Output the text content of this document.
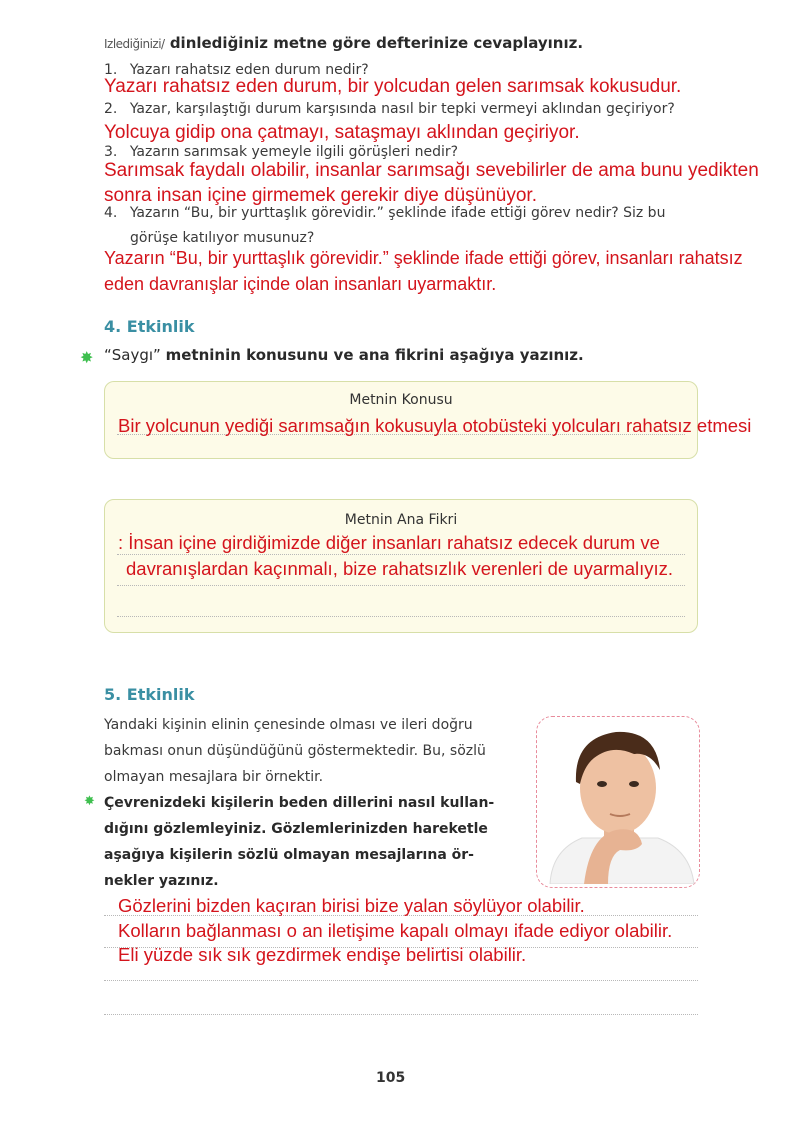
Izlediğinizi/ dinlediğiniz metne göre defterinize cevaplayınız.
1. Yazarı rahatsız eden durum nedir?
Yazarı rahatsız eden durum, bir yolcudan gelen sarımsak kokusudur.
2. Yazar, karşılaştığı durum karşısında nasıl bir tepki vermeyi aklından geçiriyor?
Yolcuya gidip ona çatmayı, sataşmayı aklından geçiriyor.
3. Yazarın sarımsak yemeyle ilgili görüşleri nedir?
Sarımsak faydalı olabilir, insanlar sarımsağı sevebilirler de ama bunu yedikten
sonra insan içine girmemek gerekir diye düşünüyor.
4. Yazarın “Bu, bir yurttaşlık görevidir.” şeklinde ifade ettiği görev nedir? Siz bu
görüşe katılıyor musunuz?
Yazarın “Bu, bir yurttaşlık görevidir.” şeklinde ifade ettiği görev, insanları rahatsız
eden davranışlar içinde olan insanları uyarmaktır.
4. Etkinlik
✸ “Saygı” metninin konusunu ve ana fikrini aşağıya yazınız.
Metnin Konusu
Bir yolcunun yediği sarımsağın kokusuyla otobüsteki yolcuları rahatsız etmesi
Metnin Ana Fikri
: İnsan içine girdiğimizde diğer insanları rahatsız edecek durum ve
davranışlardan kaçınmalı, bize rahatsızlık verenleri de uyarmalıyız.
5. Etkinlik
Yandaki kişinin elinin çenesinde olması ve ileri doğru
bakması onun düşündüğünü göstermektedir. Bu, sözlü
olmayan mesajlara bir örnektir.
✸ Çevrenizdeki kişilerin beden dillerini nasıl kullan-
dığını gözlemleyiniz. Gözlemlerinizden hareketle
aşağıya kişilerin sözlü olmayan mesajlarına ör-
nekler yazınız.
Gözlerini bizden kaçıran birisi bize yalan söylüyor olabilir.
Kolların bağlanması o an iletişime kapalı olmayı ifade ediyor olabilir.
Eli yüzde sık sık gezdirmek endişe belirtisi olabilir.
105
